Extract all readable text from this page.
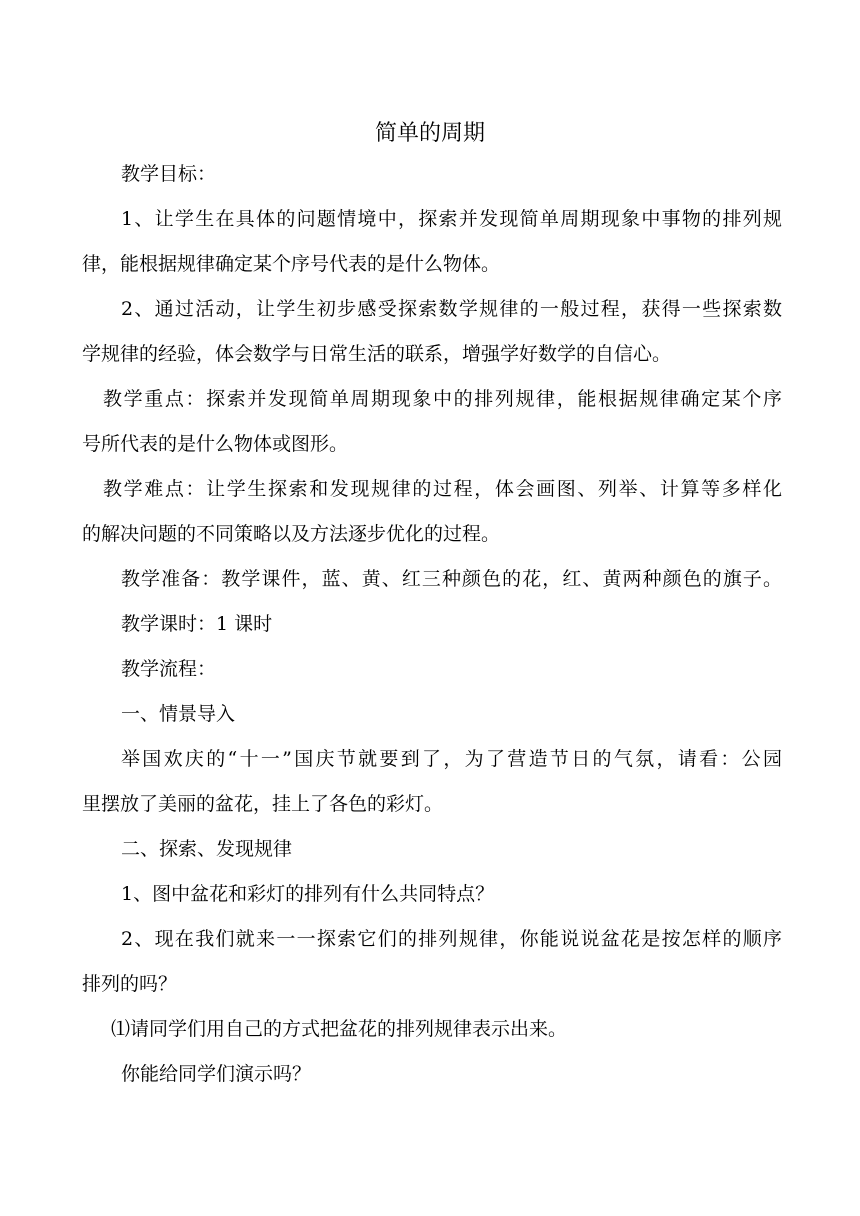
简单的周期
教学目标：
1、让学生在具体的问题情境中，探索并发现简单周期现象中事物的排列规
律，能根据规律确定某个序号代表的是什么物体。
2、通过活动，让学生初步感受探索数学规律的一般过程，获得一些探索数
学规律的经验，体会数学与日常生活的联系，增强学好数学的自信心。
教学重点：探索并发现简单周期现象中的排列规律，能根据规律确定某个序
号所代表的是什么物体或图形。
教学难点：让学生探索和发现规律的过程，体会画图、列举、计算等多样化
的解决问题的不同策略以及方法逐步优化的过程。
教学准备：教学课件，蓝、黄、红三种颜色的花，红、黄两种颜色的旗子。
教学课时：1 课时
教学流程：
一、情景导入
举国欢庆的“十一”国庆节就要到了，为了营造节日的气氛，请看：公园
里摆放了美丽的盆花，挂上了各色的彩灯。
二、探索、发现规律
1、图中盆花和彩灯的排列有什么共同特点？
2、现在我们就来一一探索它们的排列规律，你能说说盆花是按怎样的顺序
排列的吗？
⑴请同学们用自己的方式把盆花的排列规律表示出来。
你能给同学们演示吗？
